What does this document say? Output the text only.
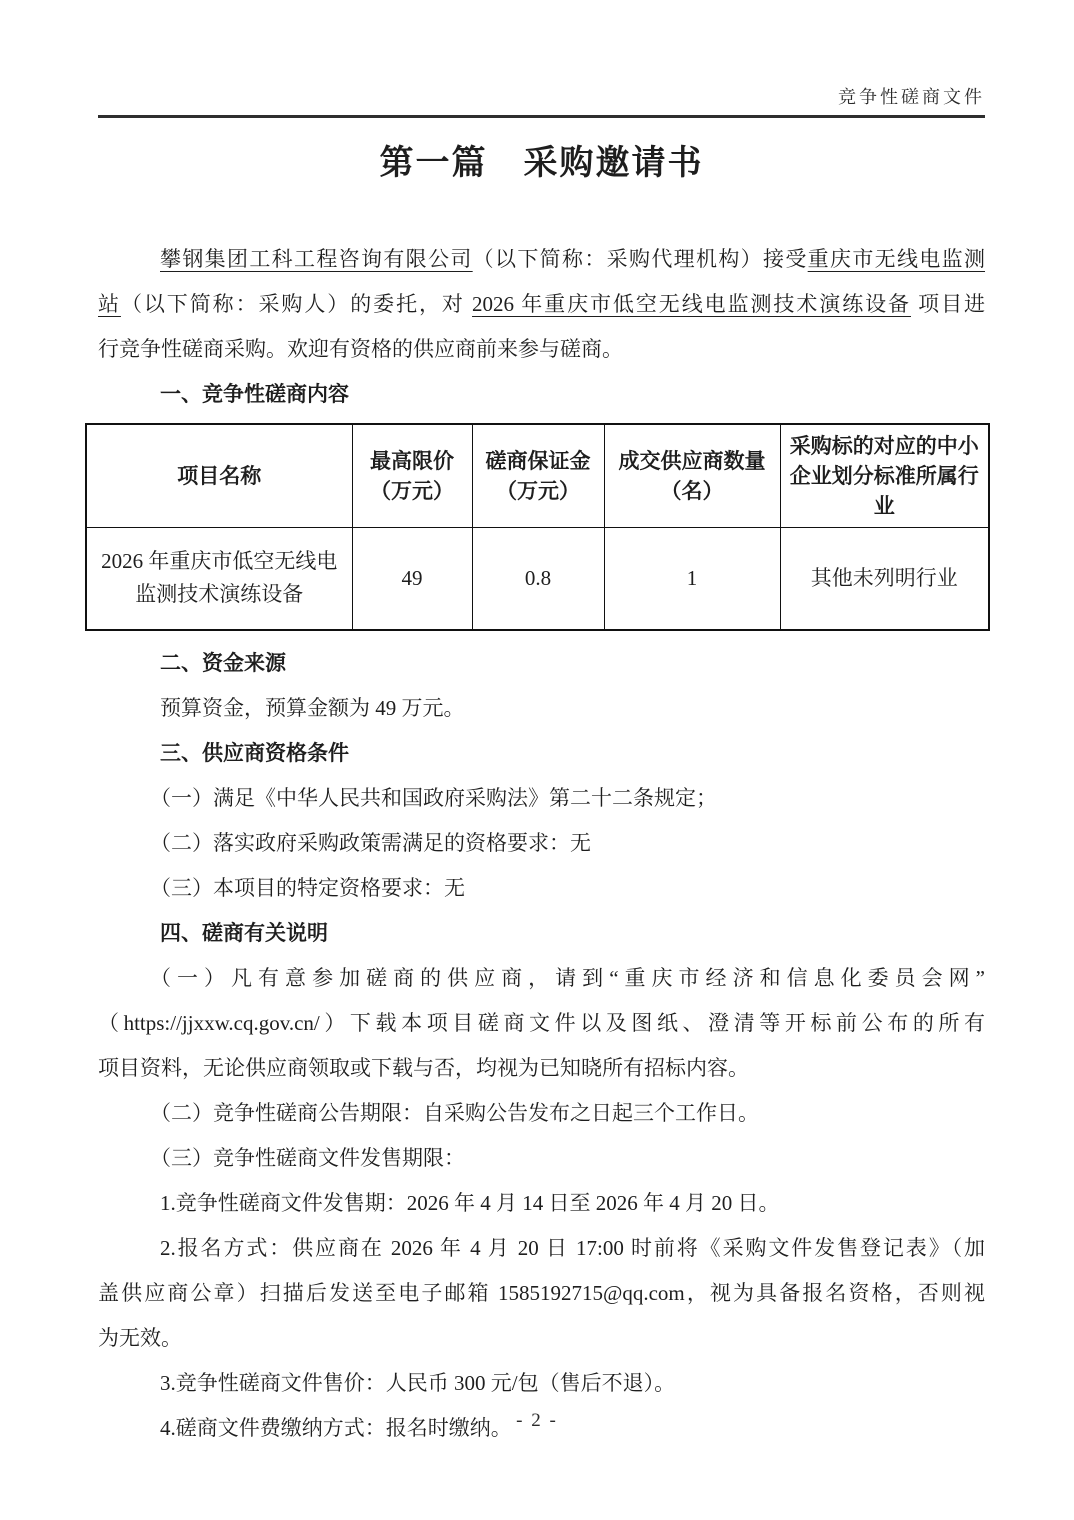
竞争性磋商文件
第一篇　采购邀请书

攀钢集团工科工程咨询有限公司（以下简称：采购代理机构）接受重庆市无线电监测

站（以下简称：采购人）的委托，对 2026 年重庆市低空无线电监测技术演练设备 项目进

行竞争性磋商采购。欢迎有资格的供应商前来参与磋商。

一、竞争性磋商内容

项目名称	最高限价（万元）	磋商保证金（万元）	成交供应商数量（名）	采购标的对应的中小企业划分标准所属行业
2026 年重庆市低空无线电监测技术演练设备	49	0.8	1	其他未列明行业

二、资金来源

预算资金，预算金额为 49 万元。

三、供应商资格条件

（一）满足《中华人民共和国政府采购法》第二十二条规定；

（二）落实政府采购政策需满足的资格要求：无

（三）本项目的特定资格要求：无

四、磋商有关说明

（一）凡有意参加磋商的供应商，请到“重庆市经济和信息化委员会网”

（https://jjxxw.cq.gov.cn/）下载本项目磋商文件以及图纸、澄清等开标前公布的所有

项目资料，无论供应商领取或下载与否，均视为已知晓所有招标内容。

（二）竞争性磋商公告期限：自采购公告发布之日起三个工作日。

（三）竞争性磋商文件发售期限：

1.竞争性磋商文件发售期：2026 年 4 月 14 日至 2026 年 4 月 20 日。

2.报名方式：供应商在 2026 年 4 月 20 日 17:00 时前将《采购文件发售登记表》（加

盖供应商公章）扫描后发送至电子邮箱 1585192715@qq.com，视为具备报名资格，否则视

为无效。

3.竞争性磋商文件售价：人民币 300 元/包（售后不退）。

4.磋商文件费缴纳方式：报名时缴纳。 - 2 -
